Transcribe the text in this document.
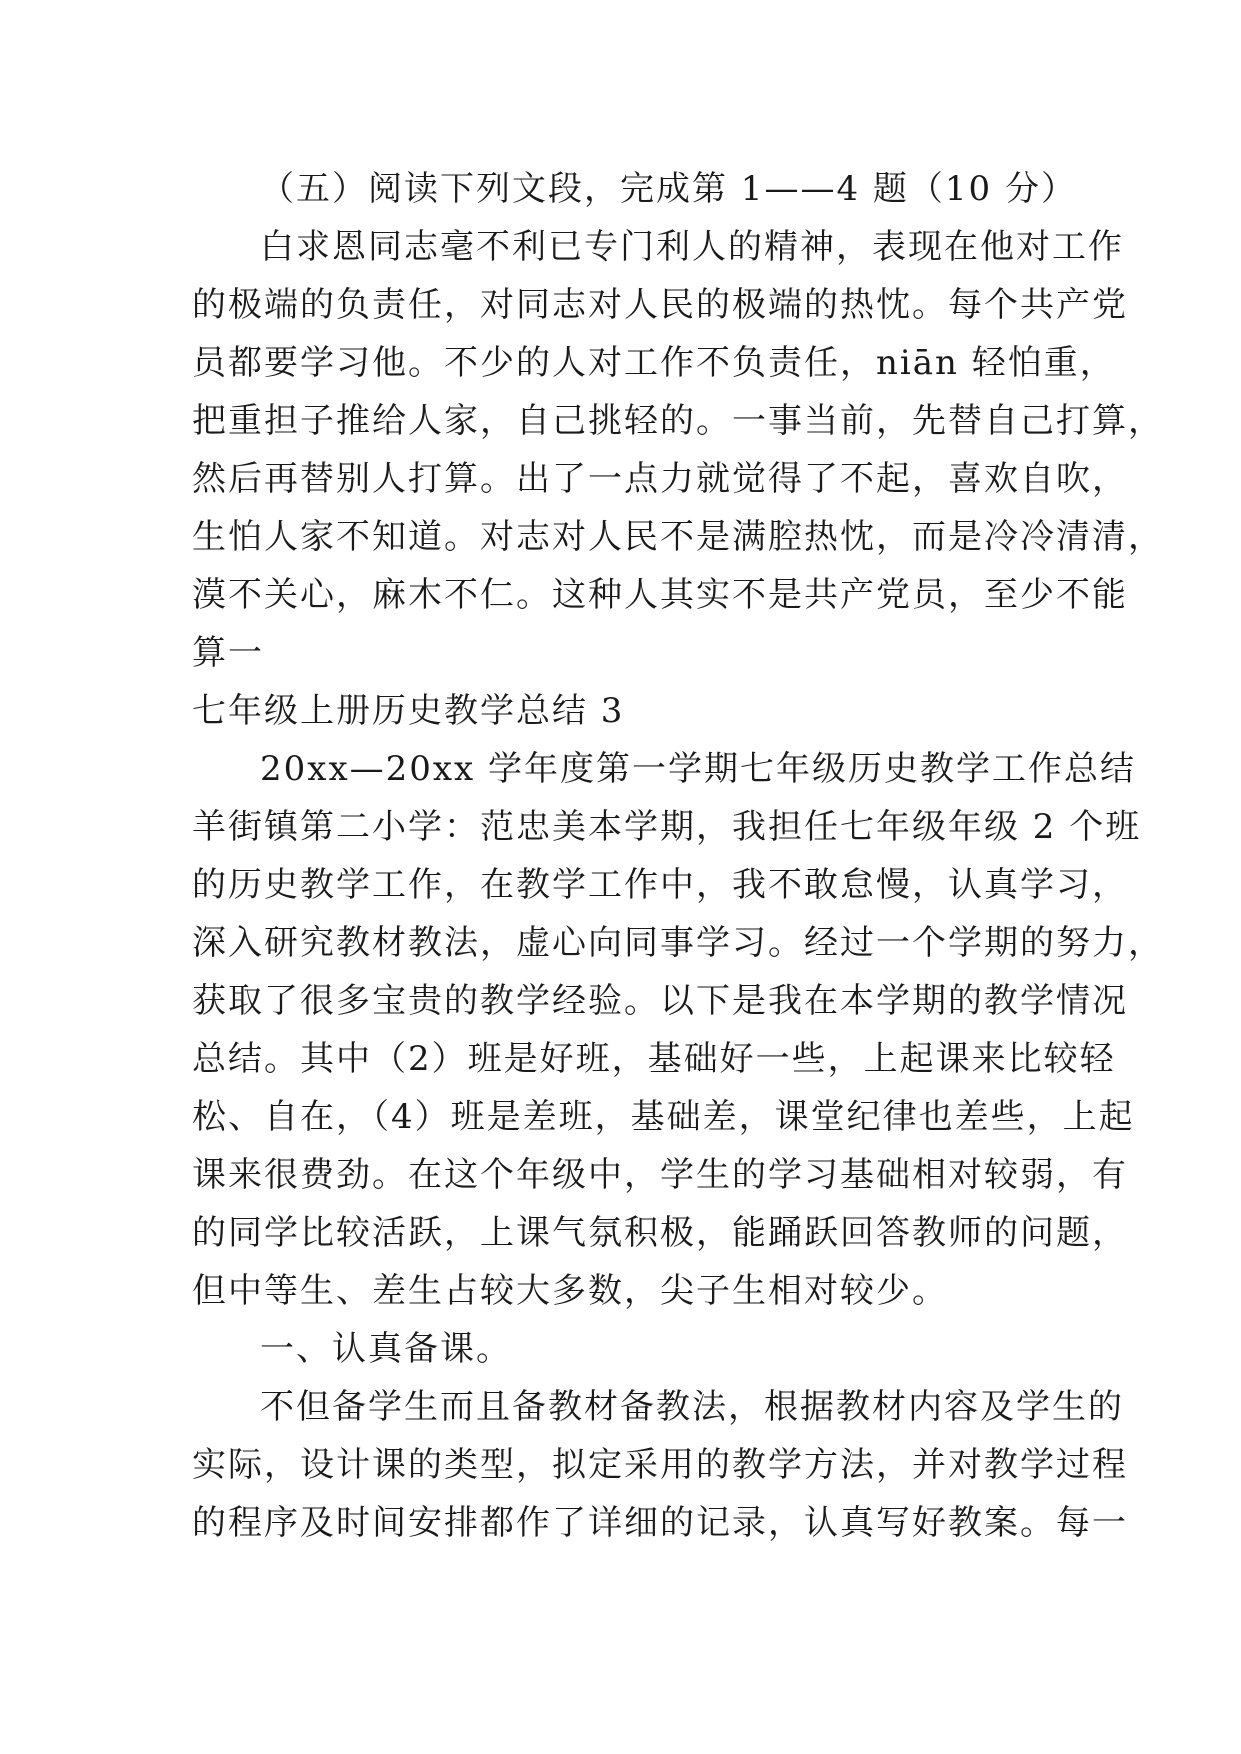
（五）阅读下列文段，完成第 1——4 题（10 分）
白求恩同志毫不利已专门利人的精神，表现在他对工作
的极端的负责任，对同志对人民的极端的热忱。每个共产党
员都要学习他。不少的人对工作不负责任，niān 轻怕重，
把重担子推给人家，自己挑轻的。一事当前，先替自己打算，
然后再替别人打算。出了一点力就觉得了不起，喜欢自吹，
生怕人家不知道。对志对人民不是满腔热忱，而是冷冷清清，
漠不关心，麻木不仁。这种人其实不是共产党员，至少不能
算一
七年级上册历史教学总结 3
20xx—20xx 学年度第一学期七年级历史教学工作总结
羊街镇第二小学：范忠美本学期，我担任七年级年级 2 个班
的历史教学工作，在教学工作中，我不敢怠慢，认真学习，
深入研究教材教法，虚心向同事学习。经过一个学期的努力，
获取了很多宝贵的教学经验。以下是我在本学期的教学情况
总结。其中（2）班是好班，基础好一些，上起课来比较轻
松、自在，（4）班是差班，基础差，课堂纪律也差些，上起
课来很费劲。在这个年级中，学生的学习基础相对较弱，有
的同学比较活跃，上课气氛积极，能踊跃回答教师的问题，
但中等生、差生占较大多数，尖子生相对较少。
一、认真备课。
不但备学生而且备教材备教法，根据教材内容及学生的
实际，设计课的类型，拟定采用的教学方法，并对教学过程
的程序及时间安排都作了详细的记录，认真写好教案。每一
